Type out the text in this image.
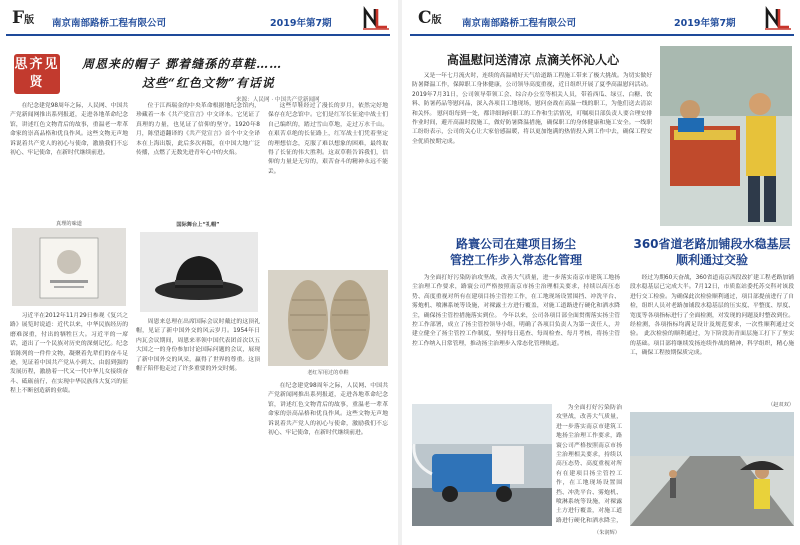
F版 南京南部路桥工程有限公司	2019年第7期
思齐见贤
周恩来的帽子 鄧着缝孫的草鞋……
这些“红色文物”有话说
来源：人民网 · 中国共产党新闻网

在纪念建党98周年之际，人民网、中国共产党新闻网推出系列报道，走进各地革命纪念馆，讲述红色文物背后的故事，重温老一辈革命家的崇高品格和优良作风。这些文物无声地诉说着共产党人的初心与使命，激励我们不忘初心、牢记使命，在新时代继续前进。

真理的味道

习近平在2012年11月29日参观《复兴之路》展览时说道：近代以来，中华民族经历的磨难深重，付出的牺牲巨大。习近平的一席话，道出了一个民族对历史的深刻记忆。纪念馆陈列的一件件文物，凝聚着先辈们的奋斗足迹，见证着中国共产党从小到大、由弱到强的发展历程，激励着一代又一代中华儿女接续奋斗、砥砺前行，在实现中华民族伟大复兴的征程上不断创造新的业绩。

位于江西瑞金的中央革命根据地纪念馆内，珍藏着一本《共产党宣言》中文译本。它见证了真理的力量，也见证了信仰的坚守。1920年8月，陈望道翻译的《共产党宣言》首个中文全译本在上海出版，此后多次再版，在中国大地广泛传播，点燃了无数先进青年心中的火焰。

国际舞台上“礼帽”

周恩来总理在出席国际会议时戴过的这顶礼帽，见证了新中国外交的风云岁月。1954年日内瓦会议期间，周恩来率领中国代表团首次以五大国之一的身份参加讨论国际问题的会议，展现了新中国外交的风采，赢得了世界的尊重。这顶帽子陪伴他走过了许多重要的外交时刻。

这些草鞋经过了漫长的岁月，依然完好地保存在纪念馆中。它们是红军长征途中战士们自己编织的，踏过雪山草地，走过万水千山。在艰苦卓绝的长征路上，红军战士们凭着坚定的理想信念，克服了难以想象的困难，最终取得了长征的伟大胜利。这双草鞋告诉我们，信仰的力量是无穷的，艰苦奋斗的精神永远不能丢。

老红军用过的草鞋

在纪念建党98周年之际，人民网、中国共产党新闻网推出系列报道，走进各地革命纪念馆，讲述红色文物背后的故事，重温老一辈革命家的崇高品格和优良作风。这些文物无声地诉说着共产党人的初心与使命，激励我们不忘初心、牢记使命，在新时代继续前进。

C版 南京南部路桥工程有限公司	2019年第7期
高温慰问送清凉 点滴关怀沁人心

又是一年七月流火时，连续的高温晴好天气给道路工程施工带来了极大挑战。为切实做好防暑降温工作，保障职工身体健康，公司领导高度重视，近日组织开展了夏季高温慰问活动。2019年7月31日，公司领导带领工会、综合办公室等相关人员，带着西瓜、绿豆、白糖、饮料、防暑药品等慰问品，深入各项目工地现场，慰问奋战在高温一线的职工，为他们送去清凉和关怀。 慰问组每到一处，都详细询问职工的工作和生活情况，叮嘱项目部负责人要合理安排作业时间，避开高温时段施工，做好防暑降温措施，确保职工的身体健康和施工安全。一线职工纷纷表示，公司的关心让大家倍感温暖，将以更加饱满的热情投入到工作中去，确保工程安全优质按期完成。

路寰公司在建项目扬尘
管控工作步入常态化管理

为全面打好污染防治攻坚战，改善大气质量，进一步落实南京市建筑工地扬尘治理工作要求，路寰公司严格按照南京市扬尘治理相关要求，持续以高压态势、高度重视对所有在建项目扬尘管控工作，在工地现场设置围挡、冲洗平台、雾炮机、喷淋系统等设施，对裸露土方进行覆盖，对施工道路进行硬化和洒水降尘，确保扬尘管控措施落实到位。 今年以来，公司各项目部全面贯彻落实扬尘管控工作部署，成立了扬尘管控领导小组，明确了各项目负责人为第一责任人，并建立健全了扬尘管控工作制度，坚持每日巡查、每周检查、每月考核，将扬尘管控工作纳入日常管理，推动扬尘治理步入常态化管理轨道。

为全面打好污染防治攻坚战，改善大气质量，进一步落实南京市建筑工地扬尘治理工作要求，路寰公司严格按照南京市扬尘治理相关要求，持续以高压态势、高度重视对所有在建项目扬尘管控工作，在工地现场设置围挡、冲洗平台、雾炮机、喷淋系统等设施，对裸露土方进行覆盖，对施工道路进行硬化和洒水降尘，

（朱润辉）
360省道老路加铺段水稳基层
顺利通过交验

经过为期60天奋战，360省道南京西段改扩建工程老路加铺段水稳基层已完成大半。7月12日，市质监站委托苏交科对该段进行交工检验。为确保此次检验顺利通过，项目部提前进行了自检，组织人员对老路加铺段水稳基层的压实度、平整度、厚度、宽度等各项指标进行了全面检测，对发现的问题及时整改到位。经检测，各项指标均满足设计及规范要求，一次性顺利通过交验。 此次检验的顺利通过，为下阶段沥青面层施工打下了坚实的基础。项目部将继续发扬连续作战的精神，科学组织，精心施工，确保工程按期保质完成。

（赵双双）
